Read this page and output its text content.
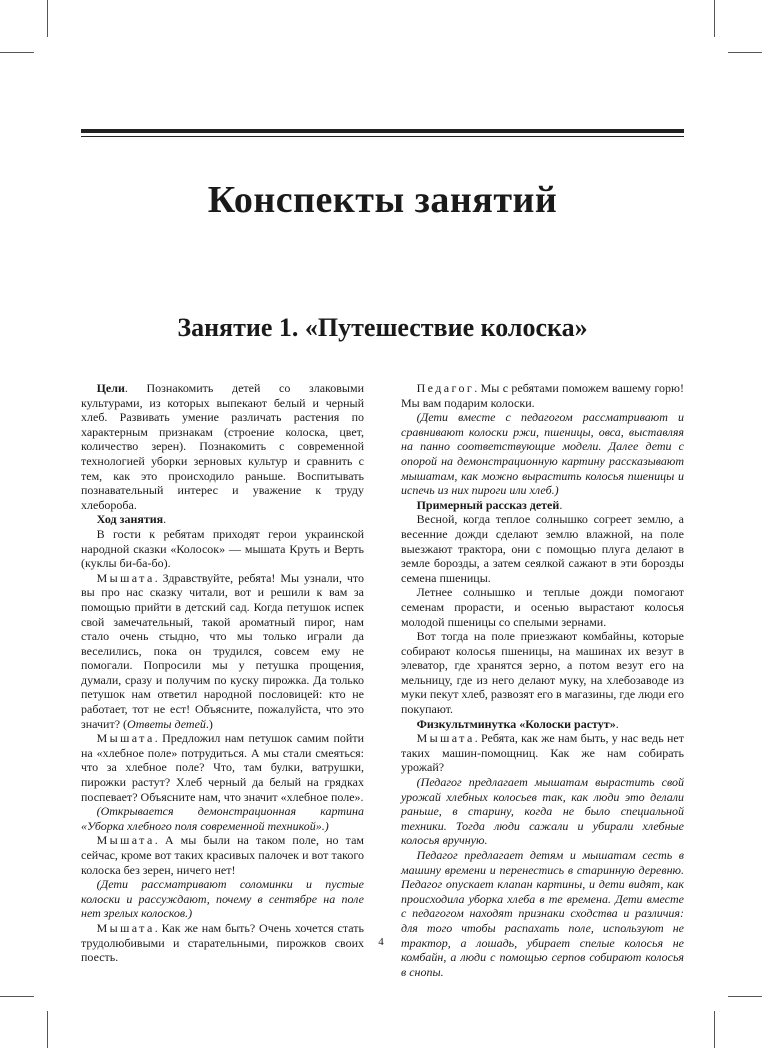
Конспекты занятий
Занятие 1. «Путешествие колоска»

Цели. Познакомить детей со злаковыми культурами, из которых выпекают белый и черный хлеб. Развивать умение различать растения по характерным признакам (строение колоска, цвет, количество зерен). Познакомить с современной технологией уборки зерновых культур и сравнить с тем, как это происходило раньше. Воспитывать познавательный интерес и уважение к труду хлебороба.

Ход занятия.

В гости к ребятам приходят герои украинской народной сказки «Колосок» — мышата Круть и Верть (куклы би-ба-бо).

Мышата. Здравствуйте, ребята! Мы узнали, что вы про нас сказку читали, вот и решили к вам за помощью прийти в детский сад. Когда петушок испек свой замечательный, такой ароматный пирог, нам стало очень стыдно, что мы только играли да веселились, пока он трудился, совсем ему не помогали. Попросили мы у петушка прощения, думали, сразу и получим по куску пирожка. Да только петушок нам ответил народной пословицей: кто не работает, тот не ест! Объясните, пожалуйста, что это значит? (Ответы детей.)

Мышата. Предложил нам петушок самим пойти на «хлебное поле» потрудиться. А мы стали смеяться: что за хлебное поле? Что, там булки, ватрушки, пирожки растут? Хлеб черный да белый на грядках поспевает? Объясните нам, что значит «хлебное поле».

(Открывается демонстрационная картина «Уборка хлебного поля современной техникой».)

Мышата. А мы были на таком поле, но там сейчас, кроме вот таких красивых палочек и вот такого колоска без зерен, ничего нет!

(Дети рассматривают соломинки и пустые колоски и рассуждают, почему в сентябре на поле нет зрелых колосков.)

Мышата. Как же нам быть? Очень хочется стать трудолюбивыми и старательными, пирожков своих поесть.

Педагог. Мы с ребятами поможем вашему горю! Мы вам подарим колоски.

(Дети вместе с педагогом рассматривают и сравнивают колоски ржи, пшеницы, овса, выставляя на панно соответствующие модели. Далее дети с опорой на демонстрационную картину рассказывают мышатам, как можно вырастить колосья пшеницы и испечь из них пироги или хлеб.)

Примерный рассказ детей.

Весной, когда теплое солнышко согреет землю, а весенние дожди сделают землю влажной, на поле выезжают трактора, они с помощью плуга делают в земле борозды, а затем сеялкой сажают в эти борозды семена пшеницы.

Летнее солнышко и теплые дожди помогают семенам прорасти, и осенью вырастают колосья молодой пшеницы со спелыми зернами.

Вот тогда на поле приезжают комбайны, которые собирают колосья пшеницы, на машинах их везут в элеватор, где хранятся зерно, а потом везут его на мельницу, где из него делают муку, на хлебозаводе из муки пекут хлеб, развозят его в магазины, где люди его покупают.

Физкультминутка «Колоски растут».

Мышата. Ребята, как же нам быть, у нас ведь нет таких машин-помощниц. Как же нам собирать урожай?

(Педагог предлагает мышатам вырастить свой урожай хлебных колосьев так, как люди это делали раньше, в старину, когда не было специальной техники. Тогда люди сажали и убирали хлебные колосья вручную.

Педагог предлагает детям и мышатам сесть в машину времени и перенестись в старинную деревню. Педагог опускает клапан картины, и дети видят, как происходила уборка хлеба в те времена. Дети вместе с педагогом находят признаки сходства и различия: для того чтобы распахать поле, используют не трактор, а лошадь, убирает спелые колосья не комбайн, а люди с помощью серпов собирают колосья в снопы.

4
